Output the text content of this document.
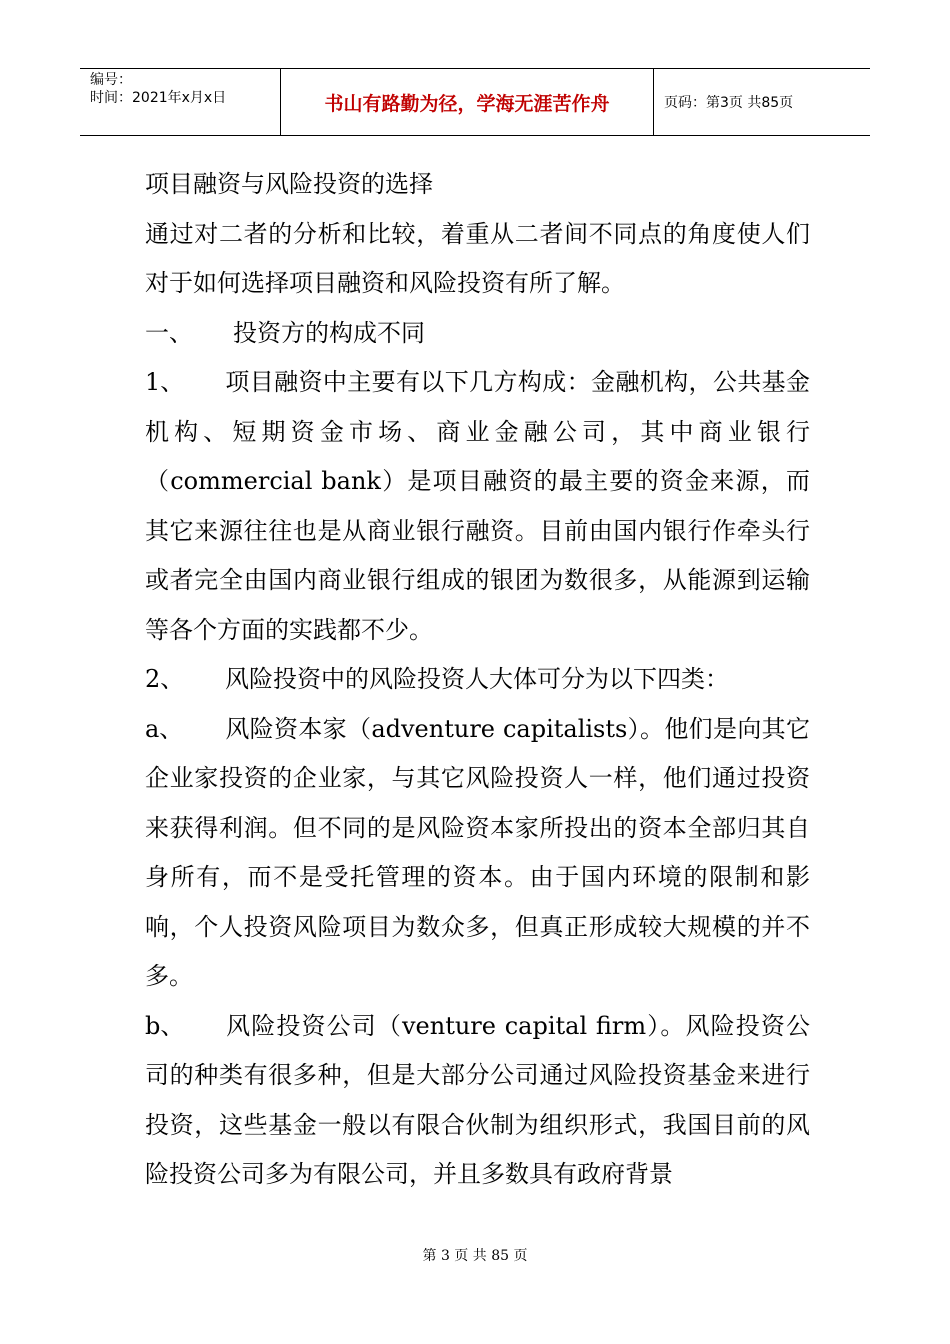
编号：
时间：2021年x月x日	书山有路勤为径，学海无涯苦作舟	页码：第3页 共85页

项目融资与风险投资的选择

通过对二者的分析和比较，着重从二者间不同点的角度使人们对于如何选择项目融资和风险投资有所了解。

一、 投资方的构成不同

1、 项目融资中主要有以下几方构成：金融机构，公共基金机构、短期资金市场、商业金融公司，其中商业银行（commercial bank）是项目融资的最主要的资金来源，而其它来源往往也是从商业银行融资。目前由国内银行作牵头行或者完全由国内商业银行组成的银团为数很多，从能源到运输等各个方面的实践都不少。

2、 风险投资中的风险投资人大体可分为以下四类：

a、 风险资本家（adventure capitalists）。他们是向其它企业家投资的企业家，与其它风险投资人一样，他们通过投资来获得利润。但不同的是风险资本家所投出的资本全部归其自身所有，而不是受托管理的资本。由于国内环境的限制和影响，个人投资风险项目为数众多，但真正形成较大规模的并不多。

b、 风险投资公司（venture capital firm）。风险投资公司的种类有很多种，但是大部分公司通过风险投资基金来进行投资，这些基金一般以有限合伙制为组织形式，我国目前的风险投资公司多为有限公司，并且多数具有政府背景

第 3 页 共 85 页
